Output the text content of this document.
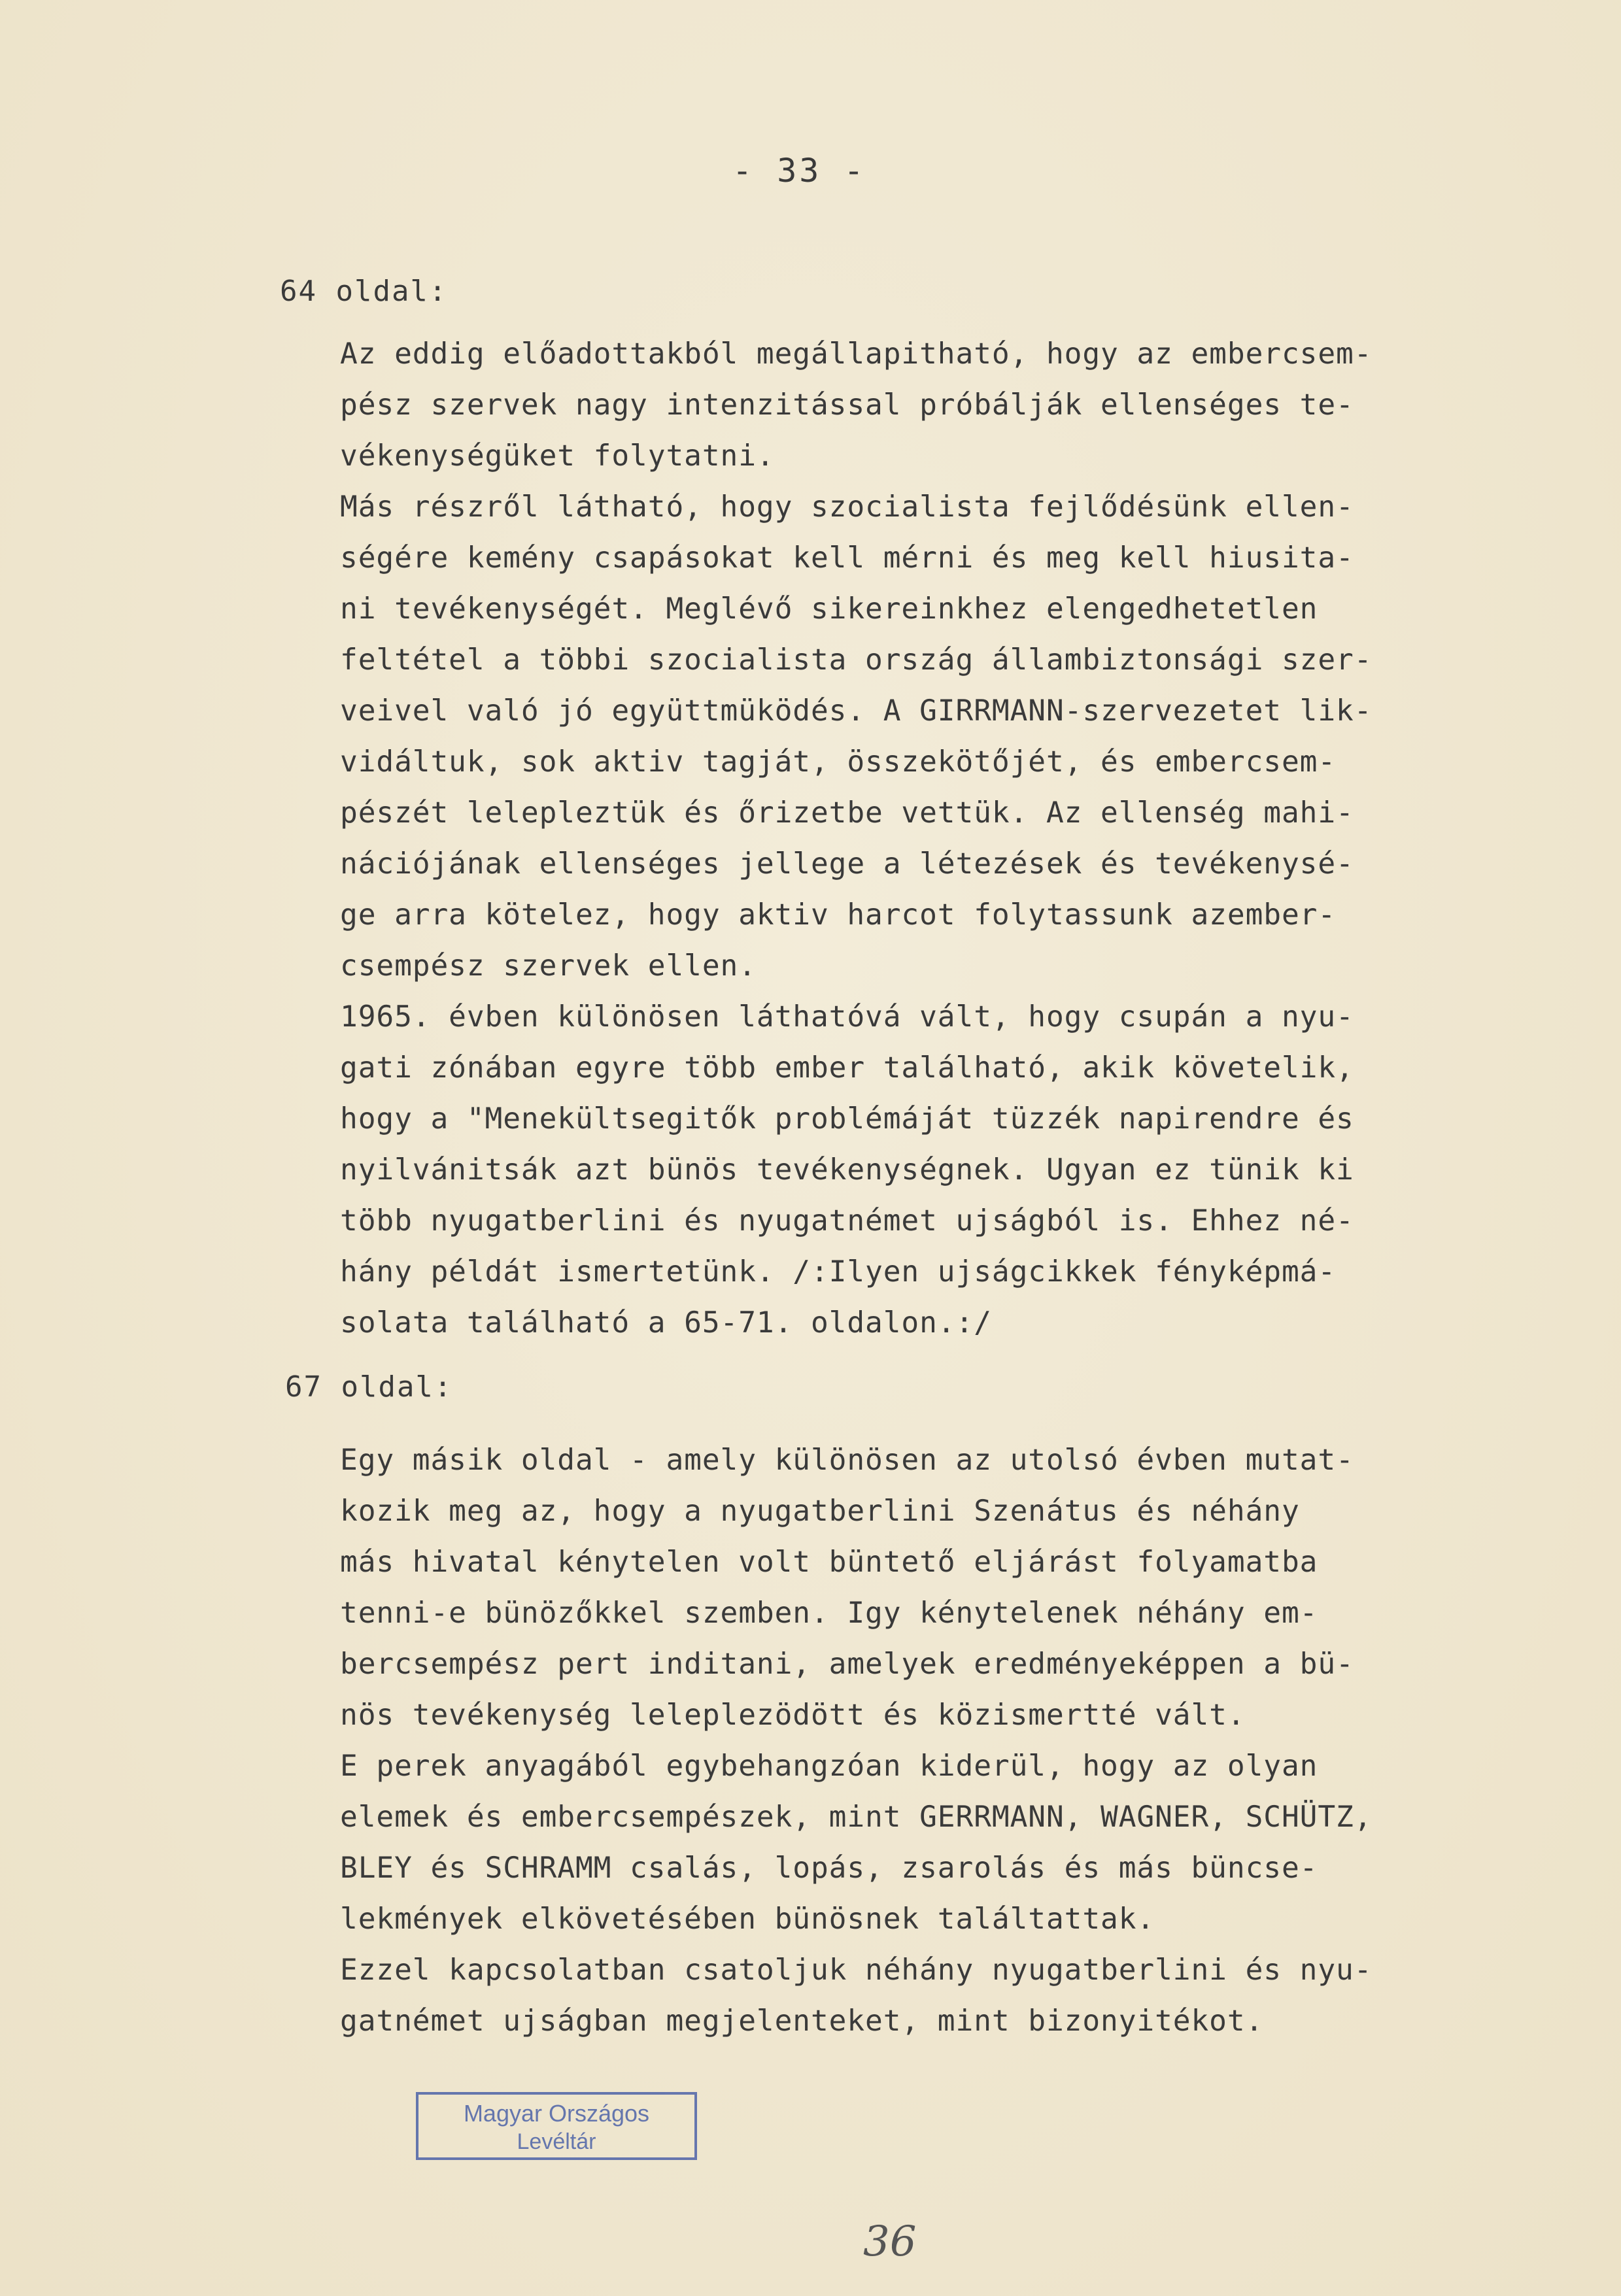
- 33 -
64 oldal:
Az eddig előadottakból megállapitható, hogy az embercsem-
pész szervek nagy intenzitással próbálják ellenséges te-
vékenységüket folytatni.
Más részről látható, hogy szocialista fejlődésünk ellen-
ségére kemény csapásokat kell mérni és meg kell hiusita-
ni tevékenységét. Meglévő sikereinkhez elengedhetetlen
feltétel a többi szocialista ország állambiztonsági szer-
veivel való jó együttmüködés. A GIRRMANN-szervezetet lik-
vidáltuk, sok aktiv tagját, összekötőjét, és embercsem-
pészét lelepleztük és őrizetbe vettük. Az ellenség mahi-
nációjának ellenséges jellege a létezések és tevékenysé-
ge arra kötelez, hogy aktiv harcot folytassunk azember-
csempész szervek ellen.
1965. évben különösen láthatóvá vált, hogy csupán a nyu-
gati zónában egyre több ember található, akik követelik,
hogy a "Menekültsegitők problémáját tüzzék napirendre és
nyilvánitsák azt bünös tevékenységnek. Ugyan ez tünik ki
több nyugatberlini és nyugatnémet ujságból is. Ehhez né-
hány példát ismertetünk. /:Ilyen ujságcikkek fényképmá-
solata található a 65-71. oldalon.:/
67 oldal:
Egy másik oldal - amely különösen az utolsó évben mutat-
kozik meg az, hogy a nyugatberlini Szenátus és néhány
más hivatal kénytelen volt büntető eljárást folyamatba
tenni-e bünözőkkel szemben. Igy kénytelenek néhány em-
bercsempész pert inditani, amelyek eredményeképpen a bü-
nös tevékenység leleplezödött és közismertté vált.
E perek anyagából egybehangzóan kiderül, hogy az olyan
elemek és embercsempészek, mint GERRMANN, WAGNER, SCHÜTZ,
BLEY és SCHRAMM csalás, lopás, zsarolás és más büncse-
lekmények elkövetésében bünösnek találtattak.
Ezzel kapcsolatban csatoljuk néhány nyugatberlini és nyu-
gatnémet ujságban megjelenteket, mint bizonyitékot.
Magyar Országos
Levéltár
36
